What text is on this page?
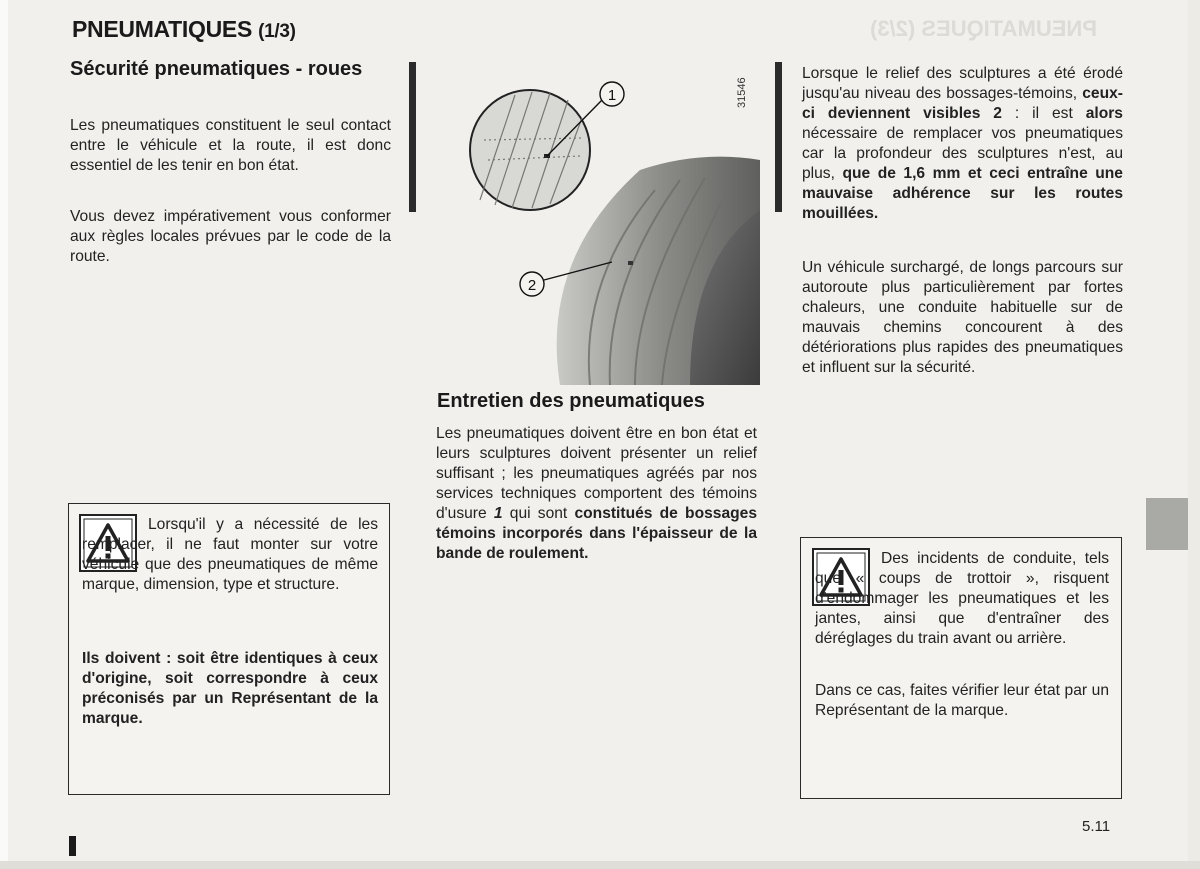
PNEUMATIQUES (2/3)
PNEUMATIQUES (1/3)
Sécurité pneumatiques - roues
Les pneumatiques constituent le seul contact entre le véhicule et la route, il est donc essentiel de les tenir en bon état.
Vous devez impérativement vous conformer aux règles locales prévues par le code de la route.
Lorsqu'il y a nécessité de les remplacer, il ne faut monter sur votre véhicule que des pneumatiques de même marque, dimension, type et structure.
Ils doivent : soit être identiques à ceux d'origine, soit correspondre à ceux préconisés par un Représentant de la marque.
1
2
31546
Entretien des pneumatiques
Les pneumatiques doivent être en bon état et leurs sculptures doivent présenter un relief suffisant ; les pneumatiques agréés par nos services techniques comportent des témoins d'usure 1 qui sont constitués de bossages témoins incorporés dans l'épaisseur de la bande de roulement.
Lorsque le relief des sculptures a été érodé jusqu'au niveau des bossages-témoins, ceux-ci deviennent visibles 2 : il est alors nécessaire de remplacer vos pneumatiques car la profondeur des sculptures n'est, au plus, que de 1,6 mm et ceci entraîne une mauvaise adhérence sur les routes mouillées.
Un véhicule surchargé, de longs parcours sur autoroute plus particulièrement par fortes chaleurs, une conduite habituelle sur de mauvais chemins concourent à des détériorations plus rapides des pneumatiques et influent sur la sécurité.
Des incidents de conduite, tels que « coups de trottoir », risquent d'endommager les pneumatiques et les jantes, ainsi que d'entraîner des déréglages du train avant ou arrière.
Dans ce cas, faites vérifier leur état par un Représentant de la marque.
5.11
